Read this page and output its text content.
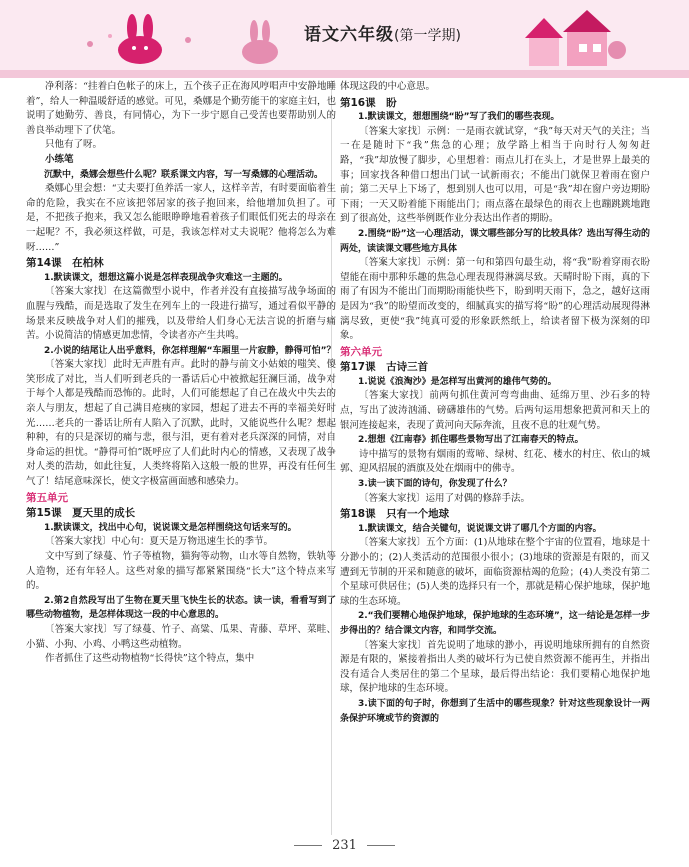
语文六年级(第一学期)

净利落：“挂着白色帐子的床上，五个孩子正在海风哼唱声中安静地睡着”，给人一种温暖舒适的感觉。可见，桑娜是个勤劳能干的家庭主妇，也说明了她勤劳、善良，有同情心，为下一步宁愿自己受苦也要帮助别人的善良举动埋下了伏笔。

只他有了呀。

小练笔

沉默中，桑娜会想些什么呢？联系课文内容，写一写桑娜的心理活动。

桑娜心里会想：“丈夫要打鱼养活一家人，这样辛苦，有时要面临着生命的危险，我实在不应该把邻居家的孩子抱回来，给他增加负担了。可是，不把孩子抱来，我又怎么能眼睁睁地看着孩子们眼低们死去的母亲在一起呢？不，我必须这样做，可是，我该怎样对丈夫说呢？他将怎么为难呀……”

第14课　在柏林

1.默读课文，想想这篇小说是怎样表现战争灾难这一主题的。

〔答案大家找〕在这篇微型小说中，作者并没有直接描写战争场面的血腥与残酷，而是选取了发生在列车上的一段进行描写，通过看似平静的场景来反映战争对人们的摧残，以及带给人们身心无法言说的折磨与痛苦。小说简洁的情感更加悲情，令读者亦产生共鸣。

2.小说的结尾让人出乎意料，你怎样理解“车厢里一片寂静，静得可怕”？

〔答案大家找〕此时无声胜有声。此时的静与前文小姑娘的嗤笑、傻笑形成了对比，当人们听到老兵的一番话后心中被掀起狂澜巨涌，战争对于每个人都是残酷而恐怖的。此时，人们可能想起了自己在战火中失去的亲人与朋友，想起了自己满目疮痍的家园，想起了进去不再的幸福美好时光……老兵的一番话让所有人陷入了沉默，此时，又能说些什么呢？想起种种，有的只是深切的痛与悲，很与泪，更有着对老兵深深的同情，对自身命运的担忧。“静得可怕”既呼应了人们此时内心的情感，又表现了战争对人类的浩劫，如此往复，人类终将陷入这般一般的世界，再没有任何生气了！结尾意味深长，使文字极富画面感和感染力。

第五单元

第15课　夏天里的成长

1.默读课文，找出中心句，说说课文是怎样围绕这句话来写的。

〔答案大家找〕中心句：夏天是万物迅速生长的季节。

文中写到了绿蔓、竹子等植物，猫狗等动物，山水等自然物，铁轨等人造物，还有年轻人。这些对象的描写都紧紧围绕“长大”这个特点来写的。

2.第2自然段写出了生物在夏天里飞快生长的状态。读一读，看看写到了哪些动物植物，是怎样体现这一段的中心意思的。

〔答案大家找〕写了绿蔓、竹子、高粱、瓜果、青藤、草坪、菜畦、小猫、小狗、小鸡、小鸭这些动植物。

作者抓住了这些动物植物“长得快”这个特点，集中

体现这段的中心意思。

第16课　盼

1.默读课文，想想围绕“盼”写了我们的哪些表现。

〔答案大家找〕示例：一是雨衣就试穿，“我”每天对天气的关注；当一在是随时下“我”焦急的心理；放学路上相当于向时行人匆匆赶路，“我”却放慢了脚步，心里想着：雨点儿打在头上，才是世界上最美的事；回家找各种借口想出门试一试新雨衣；不能出门就保卫着雨在窗户前；第二天早上下场了，想到别人也可以用，可是“我”却在窗户旁边期盼下雨；一天又盼着能下雨能出门；雨点落在最绿色的雨衣上也蹦跳跳地跑到了很高处，这些举例既作业分表达出作者的期盼。

2.围绕“盼”这一心理活动，课文哪些部分写的比较具体？选出写得生动的两处，读读课文哪些地方具体

〔答案大家找〕示例：第一句和第四句最生动，将“我”盼着穿雨衣盼望能在雨中那种乐趣的焦急心理表现得淋漓尽致。天晴时盼下雨，真的下雨了有因为不能出门而期盼雨能快些下，盼到明天雨下，急之，越好这雨是因为“我”的盼望而改变的，细腻真实的描写将“盼”的心理活动展现得淋漓尽致，更使“我”纯真可爱的形象跃然纸上，给读者留下极为深刻的印象。

第六单元

第17课　古诗三首

1.说说《浪淘沙》是怎样写出黄河的雄伟气势的。

〔答案大家找〕前两句抓住黄河弯弯曲曲、延绵万里、沙石多的特点，写出了波涛汹涌、磅礴雄伟的气势。后两句运用想象把黄河和天上的银河连接起来，表现了黄河向天际奔流，且夜不息的壮观气势。

2.想想《江南春》抓住哪些景物写出了江南春天的特点。

诗中描写的景物有烟雨的莺啼、绿树、红花、楼水的村庄、依山的城郭、迎风招展的酒旗及处在烟雨中的佛寺。

3.读一读下面的诗句，你发现了什么？

〔答案大家找〕运用了对偶的修辞手法。

第18课　只有一个地球

1.默读课文，结合关键句，说说课文讲了哪几个方面的内容。

〔答案大家找〕五个方面：(1)从地球在整个宇宙的位置看，地球是十分渺小的；(2)人类活动的范围很小很小；(3)地球的资源是有限的，而又遭到无节制的开采和随意的破坏，面临资源枯竭的危险；(4)人类没有第二个星球可供居住；(5)人类的选择只有一个，那就是精心保护地球，保护地球的生态环境。

2.“我们要精心地保护地球，保护地球的生态环境”，这一结论是怎样一步步得出的？结合课文内容，和同学交流。

〔答案大家找〕首先说明了地球的渺小，再说明地球所拥有的自然资源是有限的，紧接着指出人类的破坏行为已使自然资源不能再生，并指出没有适合人类居住的第二个星球，最后得出结论：我们要精心地保护地球，保护地球的生态环境。

3.读下面的句子时，你想到了生活中的哪些现象？针对这些现象设计一两条保护环境或节约资源的

231
